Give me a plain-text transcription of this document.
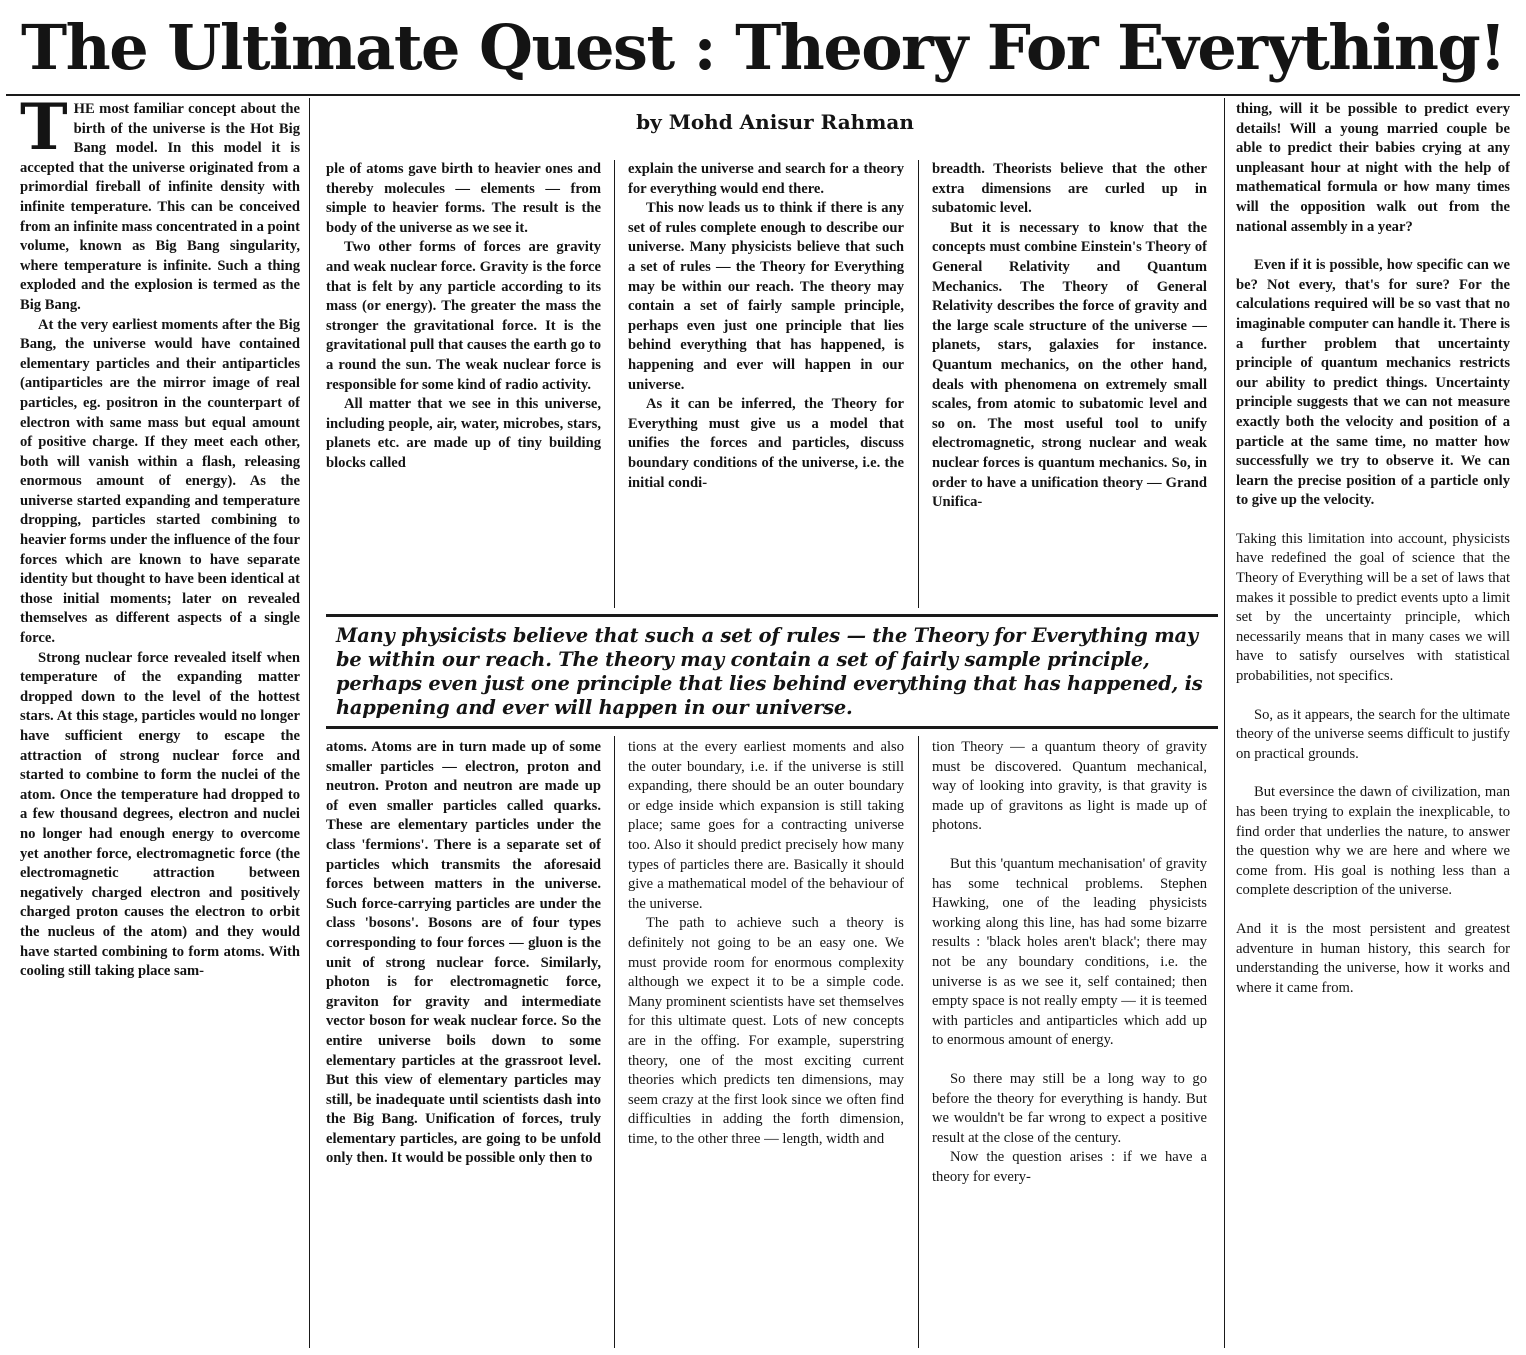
The Ultimate Quest : Theory For Everything!
by Mohd Anisur Rahman

THE most familiar concept about the birth of the universe is the Hot Big Bang model. In this model it is accepted that the universe originated from a primordial fireball of infinite density with infinite temperature. This can be conceived from an infinite mass concentrated in a point volume, known as Big Bang singularity, where temperature is infinite. Such a thing exploded and the explosion is termed as the Big Bang.

At the very earliest moments after the Big Bang, the universe would have contained elementary particles and their antiparticles (antiparticles are the mirror image of real particles, eg. positron in the counterpart of electron with same mass but equal amount of positive charge. If they meet each other, both will vanish within a flash, releasing enormous amount of energy). As the universe started expanding and temperature dropping, particles started combining to heavier forms under the influence of the four forces which are known to have separate identity but thought to have been identical at those initial moments; later on revealed themselves as different aspects of a single force.

Strong nuclear force revealed itself when temperature of the expanding matter dropped down to the level of the hottest stars. At this stage, particles would no longer have sufficient energy to escape the attraction of strong nuclear force and started to combine to form the nuclei of the atom. Once the temperature had dropped to a few thousand degrees, electron and nuclei no longer had enough energy to overcome yet another force, electromagnetic force (the electromagnetic attraction between negatively charged electron and positively charged proton causes the electron to orbit the nucleus of the atom) and they would have started combining to form atoms. With cooling still taking place sam-

ple of atoms gave birth to heavier ones and thereby molecules — elements — from simple to heavier forms. The result is the body of the universe as we see it.

Two other forms of forces are gravity and weak nuclear force. Gravity is the force that is felt by any particle according to its mass (or energy). The greater the mass the stronger the gravitational force. It is the gravitational pull that causes the earth go to a round the sun. The weak nuclear force is responsible for some kind of radio activity.

All matter that we see in this universe, including people, air, water, microbes, stars, planets etc. are made up of tiny building blocks called

explain the universe and search for a theory for everything would end there.

This now leads us to think if there is any set of rules complete enough to describe our universe. Many physicists believe that such a set of rules — the Theory for Everything may be within our reach. The theory may contain a set of fairly sample principle, perhaps even just one principle that lies behind everything that has happened, is happening and ever will happen in our universe.

As it can be inferred, the Theory for Everything must give us a model that unifies the forces and particles, discuss boundary conditions of the universe, i.e. the initial condi-

breadth. Theorists believe that the other extra dimensions are curled up in subatomic level.

But it is necessary to know that the concepts must combine Einstein's Theory of General Relativity and Quantum Mechanics. The Theory of General Relativity describes the force of gravity and the large scale structure of the universe — planets, stars, galaxies for instance. Quantum mechanics, on the other hand, deals with phenomena on extremely small scales, from atomic to subatomic level and so on. The most useful tool to unify electromagnetic, strong nuclear and weak nuclear forces is quantum mechanics. So, in order to have a unification theory — Grand Unifica-

Many physicists believe that such a set of rules — the Theory for Everything may be within our reach. The theory may contain a set of fairly sample principle, perhaps even just one principle that lies behind everything that has happened, is happening and ever will happen in our universe.

atoms. Atoms are in turn made up of some smaller particles — electron, proton and neutron. Proton and neutron are made up of even smaller particles called quarks. These are elementary particles under the class 'fermions'. There is a separate set of particles which transmits the aforesaid forces between matters in the universe. Such force-carrying particles are under the class 'bosons'. Bosons are of four types corresponding to four forces — gluon is the unit of strong nuclear force. Similarly, photon is for electromagnetic force, graviton for gravity and intermediate vector boson for weak nuclear force. So the entire universe boils down to some elementary particles at the grassroot level. But this view of elementary particles may still, be inadequate until scientists dash into the Big Bang. Unification of forces, truly elementary particles, are going to be unfold only then. It would be possible only then to

tions at the every earliest moments and also the outer boundary, i.e. if the universe is still expanding, there should be an outer boundary or edge inside which expansion is still taking place; same goes for a contracting universe too. Also it should predict precisely how many types of particles there are. Basically it should give a mathematical model of the behaviour of the universe.

The path to achieve such a theory is definitely not going to be an easy one. We must provide room for enormous complexity although we expect it to be a simple code. Many prominent scientists have set themselves for this ultimate quest. Lots of new concepts are in the offing. For example, superstring theory, one of the most exciting current theories which predicts ten dimensions, may seem crazy at the first look since we often find difficulties in adding the forth dimension, time, to the other three — length, width and

tion Theory — a quantum theory of gravity must be discovered. Quantum mechanical, way of looking into gravity, is that gravity is made up of gravitons as light is made up of photons.

But this 'quantum mechanisation' of gravity has some technical problems. Stephen Hawking, one of the leading physicists working along this line, has had some bizarre results : 'black holes aren't black'; there may not be any boundary conditions, i.e. the universe is as we see it, self contained; then empty space is not really empty — it is teemed with particles and antiparticles which add up to enormous amount of energy.

So there may still be a long way to go before the theory for everything is handy. But we wouldn't be far wrong to expect a positive result at the close of the century.

Now the question arises : if we have a theory for every-

thing, will it be possible to predict every details! Will a young married couple be able to predict their babies crying at any unpleasant hour at night with the help of mathematical formula or how many times will the opposition walk out from the national assembly in a year?

Even if it is possible, how specific can we be? Not every, that's for sure? For the calculations required will be so vast that no imaginable computer can handle it. There is a further problem that uncertainty principle of quantum mechanics restricts our ability to predict things. Uncertainty principle suggests that we can not measure exactly both the velocity and position of a particle at the same time, no matter how successfully we try to observe it. We can learn the precise position of a particle only to give up the velocity.

Taking this limitation into account, physicists have redefined the goal of science that the Theory of Everything will be a set of laws that makes it possible to predict events upto a limit set by the uncertainty principle, which necessarily means that in many cases we will have to satisfy ourselves with statistical probabilities, not specifics.

So, as it appears, the search for the ultimate theory of the universe seems difficult to justify on practical grounds.

But eversince the dawn of civilization, man has been trying to explain the inexplicable, to find order that underlies the nature, to answer the question why we are here and where we come from. His goal is nothing less than a complete description of the universe.

And it is the most persistent and greatest adventure in human history, this search for understanding the universe, how it works and where it came from.
